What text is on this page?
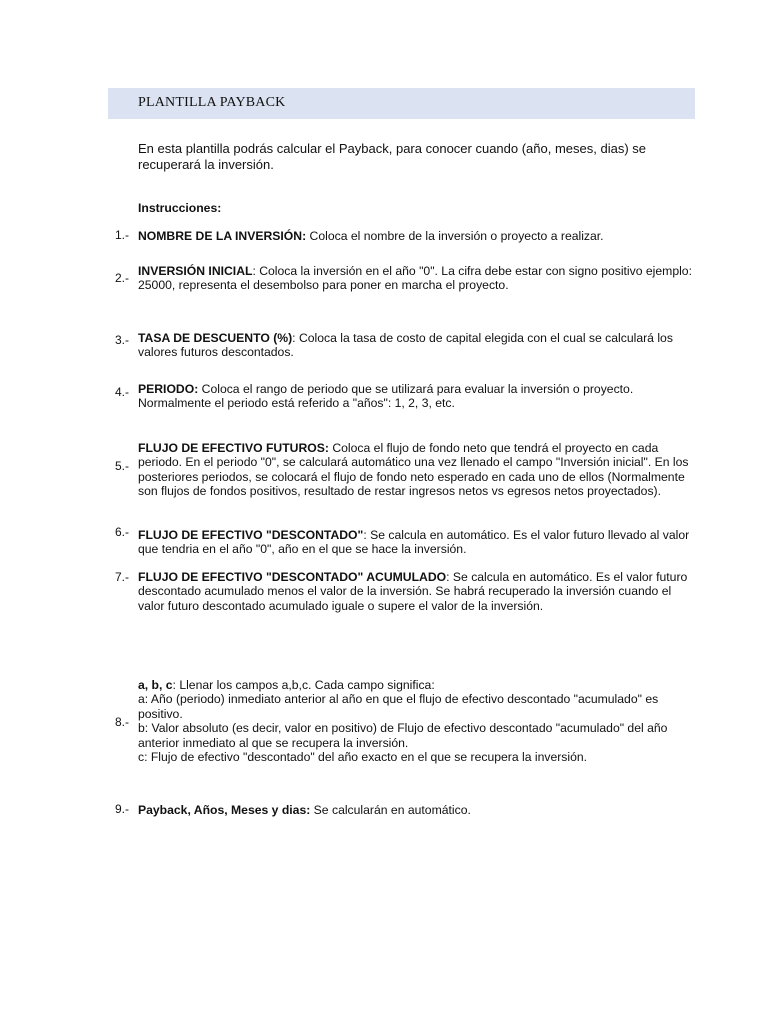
PLANTILLA PAYBACK
En esta plantilla podrás calcular el Payback, para conocer cuando (año, meses, dias) se recuperará la inversión.
Instrucciones:
1.- NOMBRE DE LA INVERSIÓN: Coloca el nombre de la inversión o proyecto a realizar.
2.- INVERSIÓN INICIAL: Coloca la inversión en el año "0". La cifra debe estar con signo positivo ejemplo: 25000, representa el desembolso para poner en marcha el proyecto.
3.- TASA DE DESCUENTO (%): Coloca la tasa de costo de capital elegida con el cual se calculará los valores futuros descontados.
4.- PERIODO: Coloca el rango de periodo que se utilizará para evaluar la inversión o proyecto. Normalmente el periodo está referido a "años": 1, 2, 3, etc.
5.-
FLUJO DE EFECTIVO FUTUROS: Coloca el flujo de fondo neto que tendrá el proyecto en cada periodo. En el periodo "0", se calculará automático una vez llenado el campo "Inversión inicial". En los posteriores periodos, se colocará el flujo de fondo neto esperado en cada uno de ellos (Normalmente son flujos de fondos positivos, resultado de restar ingresos netos vs egresos netos proyectados).
6.- FLUJO DE EFECTIVO "DESCONTADO": Se calcula en automático. Es el valor futuro llevado al valor que tendria en el año "0", año en el que se hace la inversión.
7.- FLUJO DE EFECTIVO "DESCONTADO" ACUMULADO: Se calcula en automático. Es el valor futuro descontado acumulado menos el valor de la inversión. Se habrá recuperado la inversión cuando el valor futuro descontado acumulado iguale o supere el valor de la inversión.
8.-
a, b, c: Llenar los campos a,b,c. Cada campo significa:
a: Año (periodo) inmediato anterior al año en que el flujo de efectivo descontado "acumulado" es positivo.
b: Valor absoluto (es decir, valor en positivo) de Flujo de efectivo descontado "acumulado" del año anterior inmediato al que se recupera la inversión.
c: Flujo de efectivo "descontado" del año exacto en el que se recupera la inversión.
9.- Payback, Años, Meses y dias: Se calcularán en automático.
